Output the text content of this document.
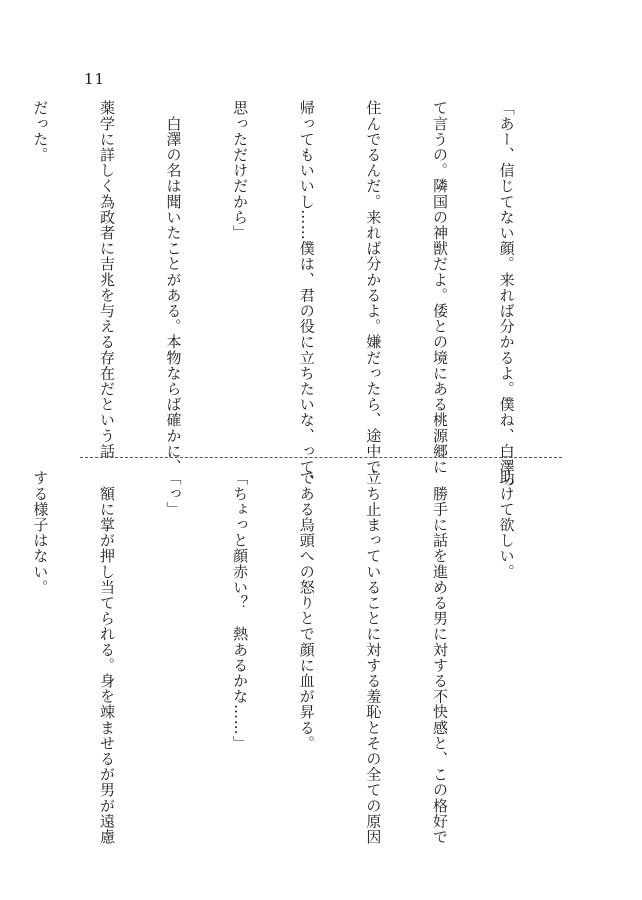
11

「あー、信じてない顔。来れば分かるよ。僕ね、白澤っ

て言うの。隣国の神獣だよ。倭との境にある桃源郷に

住んでるんだ。来れば分かるよ。嫌だったら、途中で

帰ってもいいし……僕は、君の役に立ちたいな、って、

思っただけだから」

　白澤の名は聞いたことがある。本物ならば確かに、

薬学に詳しく為政者に吉兆を与える存在だという話

だった。

助けて欲しい。

　勝手に話を進める男に対する不快感と、この格好で

立ち止まっていることに対する羞恥とその全ての原因

である烏頭への怒りとで顔に血が昇る。

「ちょっと顔赤い？　熱あるかな……」

「っ」

　額に掌が押し当てられる。身を竦ませるが男が遠慮

する様子はない。
